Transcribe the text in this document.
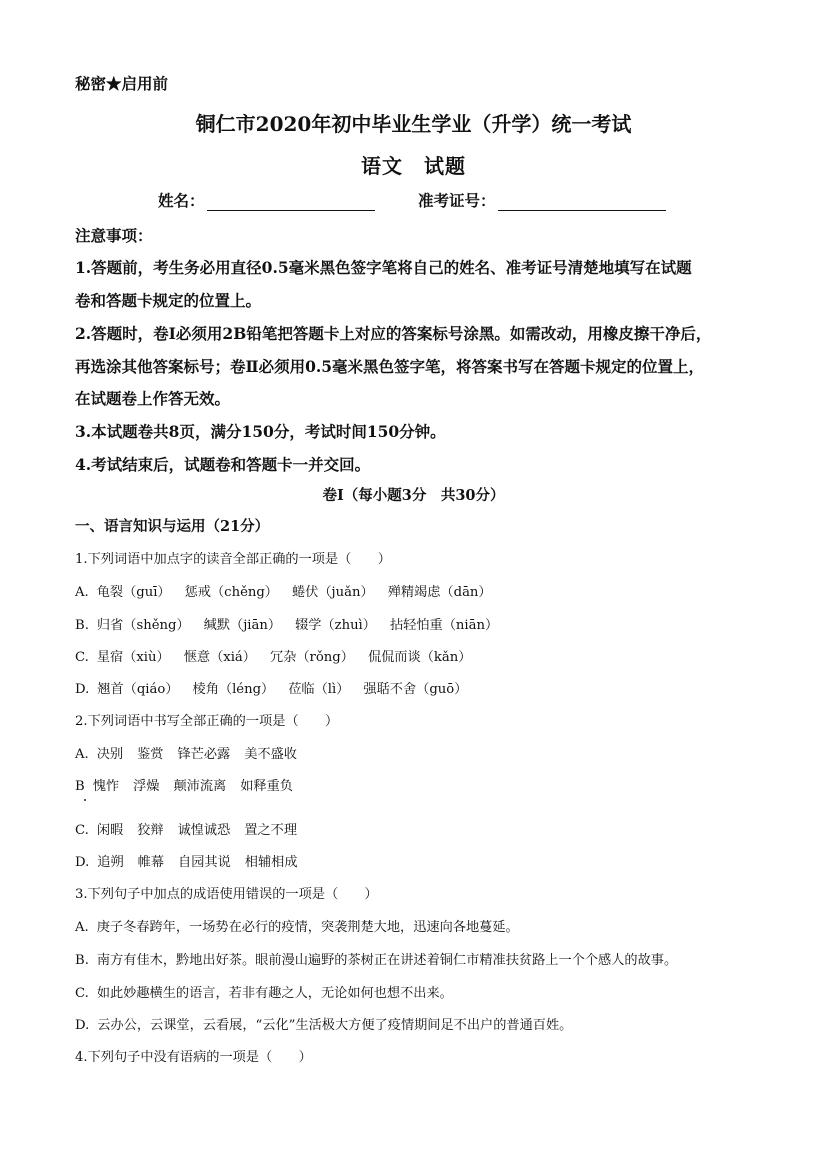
秘密★启用前
铜仁市2020年初中毕业生学业（升学）统一考试
语文　试题
姓名：	准考证号：
注意事项：
1.答题前，考生务必用直径0.5毫米黑色签字笔将自己的姓名、准考证号清楚地填写在试题
卷和答题卡规定的位置上。
2.答题时，卷Ⅰ必须用2B铅笔把答题卡上对应的答案标号涂黑。如需改动，用橡皮擦干净后，
再选涂其他答案标号；卷Ⅱ必须用0.5毫米黑色签字笔，将答案书写在答题卡规定的位置上，
在试题卷上作答无效。
3.本试题卷共8页，满分150分，考试时间150分钟。
4.考试结束后，试题卷和答题卡一并交回。
卷Ⅰ（每小题3分　共30分）
一、语言知识与运用（21分）
1.下列词语中加点字的读音全部正确的一项是（　　）
A. 龟裂（guī） 惩戒（chěng） 蜷伏（juǎn） 殚精竭虑（dān）
B. 归省（shěng） 缄默（jiān） 辍学（zhuì） 拈轻怕重（niān）
C. 星宿（xiù） 惬意（xiá） 冗杂（rǒng） 侃侃而谈（kǎn）
D. 翘首（qiáo） 棱角（léng） 莅临（lì） 强聒不舍（guō）
2.下列词语中书写全部正确的一项是（　　）
A. 决别 鉴赏 锋芒必露 美不盛收
B 愧怍 浮燥 颠沛流离 如释重负
C. 闲暇 狡辩 诚惶诚恐 置之不理
D. 追朔 帷幕 自园其说 相辅相成
3.下列句子中加点的成语使用错误的一项是（　　）
A. 庚子冬春跨年，一场势在必行的疫情，突袭荆楚大地，迅速向各地蔓延。
B. 南方有佳木，黔地出好茶。眼前漫山遍野的茶树正在讲述着铜仁市精准扶贫路上一个个感人的故事。
C. 如此妙趣横生的语言，若非有趣之人，无论如何也想不出来。
D. 云办公，云课堂，云看展，“云化”生活极大方便了疫情期间足不出户的普通百姓。
4.下列句子中没有语病的一项是（　　）
